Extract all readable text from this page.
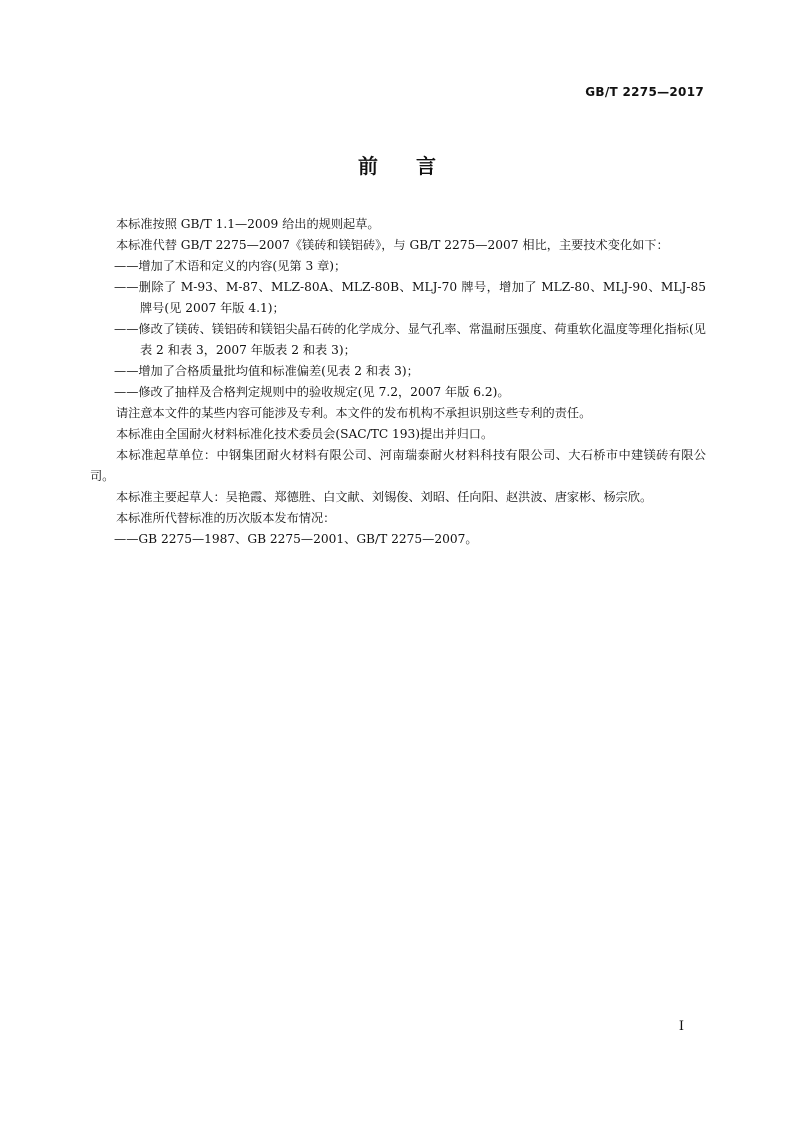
GB/T 2275—2017
前言

本标准按照 GB/T 1.1—2009 给出的规则起草。

本标准代替 GB/T 2275—2007《镁砖和镁铝砖》，与 GB/T 2275—2007 相比，主要技术变化如下：

——增加了术语和定义的内容(见第 3 章)；

——删除了 M-93、M-87、MLZ-80A、MLZ-80B、MLJ-70 牌号，增加了 MLZ-80、MLJ-90、MLJ-85 牌号(见 2007 年版 4.1)；

——修改了镁砖、镁铝砖和镁铝尖晶石砖的化学成分、显气孔率、常温耐压强度、荷重软化温度等理化指标(见表 2 和表 3，2007 年版表 2 和表 3)；

——增加了合格质量批均值和标准偏差(见表 2 和表 3)；

——修改了抽样及合格判定规则中的验收规定(见 7.2，2007 年版 6.2)。

请注意本文件的某些内容可能涉及专利。本文件的发布机构不承担识别这些专利的责任。

本标准由全国耐火材料标准化技术委员会(SAC/TC 193)提出并归口。

本标准起草单位：中钢集团耐火材料有限公司、河南瑞泰耐火材料科技有限公司、大石桥市中建镁砖有限公司。

本标准主要起草人：吴艳霞、郑德胜、白文献、刘锡俊、刘昭、任向阳、赵洪波、唐家彬、杨宗欣。

本标准所代替标准的历次版本发布情况：

——GB 2275—1987、GB 2275—2001、GB/T 2275—2007。

I
